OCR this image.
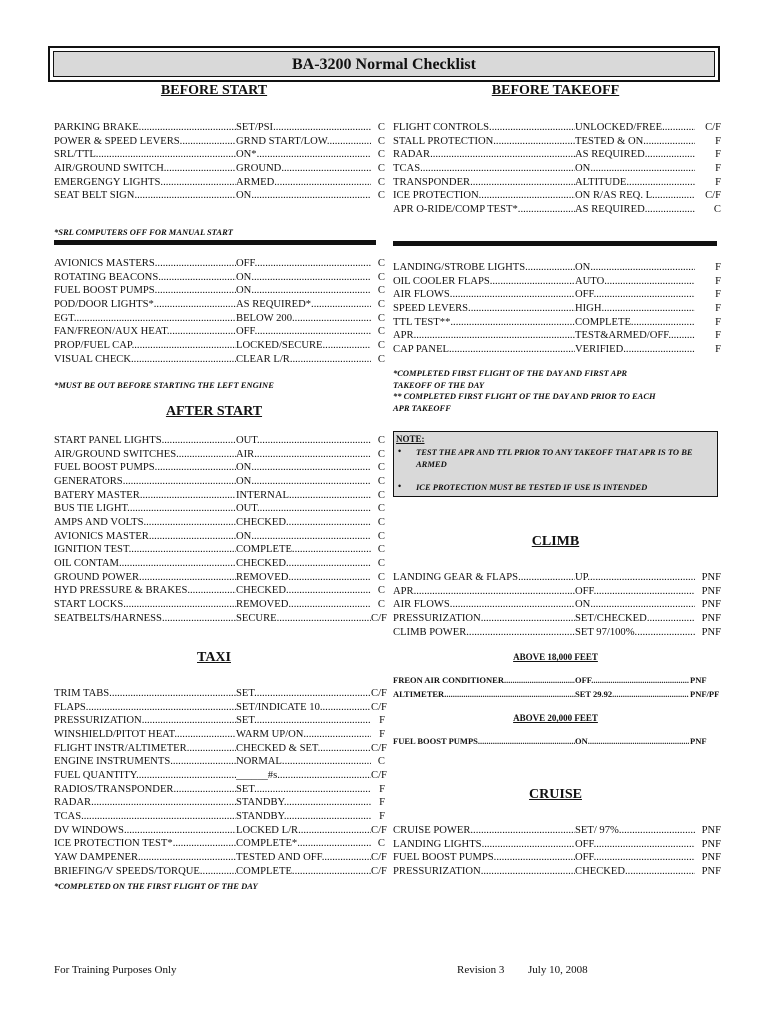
BA-3200 Normal Checklist
BEFORE START
PARKING BRAKE .....	SET/PSI .....	C
POWER & SPEED LEVERS .....	GRND START/LOW .....	C
SRL/TTL .....	ON* .....	C
AIR/GROUND SWITCH .....	GROUND .....	C
EMERGENGY LIGHTS .....	ARMED .....	C
SEAT BELT SIGN .....	ON .....	C
*SRL COMPUTERS OFF FOR MANUAL START
AVIONICS MASTERS .....	OFF .....	C
ROTATING BEACONS .....	ON .....	C
FUEL BOOST PUMPS .....	ON .....	C
POD/DOOR LIGHTS* .....	AS REQUIRED* .....	C
EGT .....	BELOW 200 .....	C
FAN/FREON/AUX HEAT .....	OFF .....	C
PROP/FUEL CAP .....	LOCKED/SECURE .....	C
VISUAL CHECK .....	CLEAR L/R .....	C
*MUST BE OUT BEFORE STARTING THE LEFT ENGINE
AFTER START
START PANEL LIGHTS .....	OUT .....	C
AIR/GROUND SWITCHES .....	AIR .....	C
FUEL BOOST PUMPS .....	ON .....	C
GENERATORS .....	ON .....	C
BATERY MASTER .....	INTERNAL .....	C
BUS TIE LIGHT .....	OUT .....	C
AMPS AND VOLTS .....	CHECKED .....	C
AVIONICS MASTER .....	ON .....	C
IGNITION TEST .....	COMPLETE .....	C
OIL CONTAM .....	CHECKED .....	C
GROUND POWER .....	REMOVED .....	C
HYD PRESSURE & BRAKES .....	CHECKED .....	C
START LOCKS .....	REMOVED .....	C
SEATBELTS/HARNESS .....	SECURE .....	C/F
TAXI
TRIM TABS .....	SET .....	C/F
FLAPS .....	SET/INDICATE 10 .....	C/F
PRESSURIZATION .....	SET .....	F
WINSHIELD/PITOT HEAT .....	WARM UP/ON .....	F
FLIGHT INSTR/ALTIMETER .....	CHECKED & SET .....	C/F
ENGINE INSTRUMENTS .....	NORMAL .....	C
FUEL QUANTITY .....	______#s .....	C/F
RADIOS/TRANSPONDER .....	SET .....	F
RADAR .....	STANDBY .....	F
TCAS .....	STANDBY .....	F
DV WINDOWS .....	LOCKED L/R .....	C/F
ICE PROTECTION TEST* .....	COMPLETE* .....	C
YAW DAMPENER .....	TESTED AND OFF .....	C/F
BRIEFING/V SPEEDS/TORQUE .....	COMPLETE .....	C/F
*COMPLETED ON THE FIRST FLIGHT OF THE DAY
BEFORE TAKEOFF
FLIGHT CONTROLS .....	UNLOCKED/FREE .....	C/F
STALL PROTECTION .....	TESTED & ON .....	F
RADAR .....	AS REQUIRED .....	F
TCAS .....	ON .....	F
TRANSPONDER .....	ALTITUDE .....	F
ICE PROTECTION .....	ON R/AS REQ. L .....	C/F
APR O-RIDE/COMP TEST* .....	AS REQUIRED .....	C
LANDING/STROBE LIGHTS .....	ON .....	F
OIL COOLER FLAPS .....	AUTO .....	F
AIR FLOWS .....	OFF .....	F
SPEED LEVERS .....	HIGH .....	F
TTL TEST** .....	COMPLETE .....	F
APR .....	TEST&ARMED/OFF .....	F
CAP PANEL .....	VERIFIED .....	F
*COMPLETED FIRST FLIGHT OF THE DAY AND FIRST APR
TAKEOFF OF THE DAY
** COMPLETED FIRST FLIGHT OF THE DAY AND PRIOR TO EACH
APR TAKEOFF
NOTE:
• TEST THE APR AND TTL PRIOR TO ANY TAKEOFF THAT APR IS TO BE ARMED
• ICE PROTECTION MUST BE TESTED IF USE IS INTENDED
CLIMB
LANDING GEAR & FLAPS .....	UP .....	PNF
APR .....	OFF .....	PNF
AIR FLOWS .....	ON .....	PNF
PRESSURIZATION .....	SET/CHECKED .....	PNF
CLIMB POWER .....	SET 97/100% .....	PNF
ABOVE 18,000 FEET
FREON AIR CONDITIONER .....	OFF .....	PNF
ALTIMETER .....	SET 29.92 .....	PNF/PF
ABOVE 20,000 FEET
FUEL BOOST PUMPS .....	ON .....	PNF
CRUISE
CRUISE POWER .....	SET/ 97% .....	PNF
LANDING LIGHTS .....	OFF .....	PNF
FUEL BOOST PUMPS .....	OFF .....	PNF
PRESSURIZATION .....	CHECKED .....	PNF
For Training Purposes Only	Revision 3 July 10, 2008
